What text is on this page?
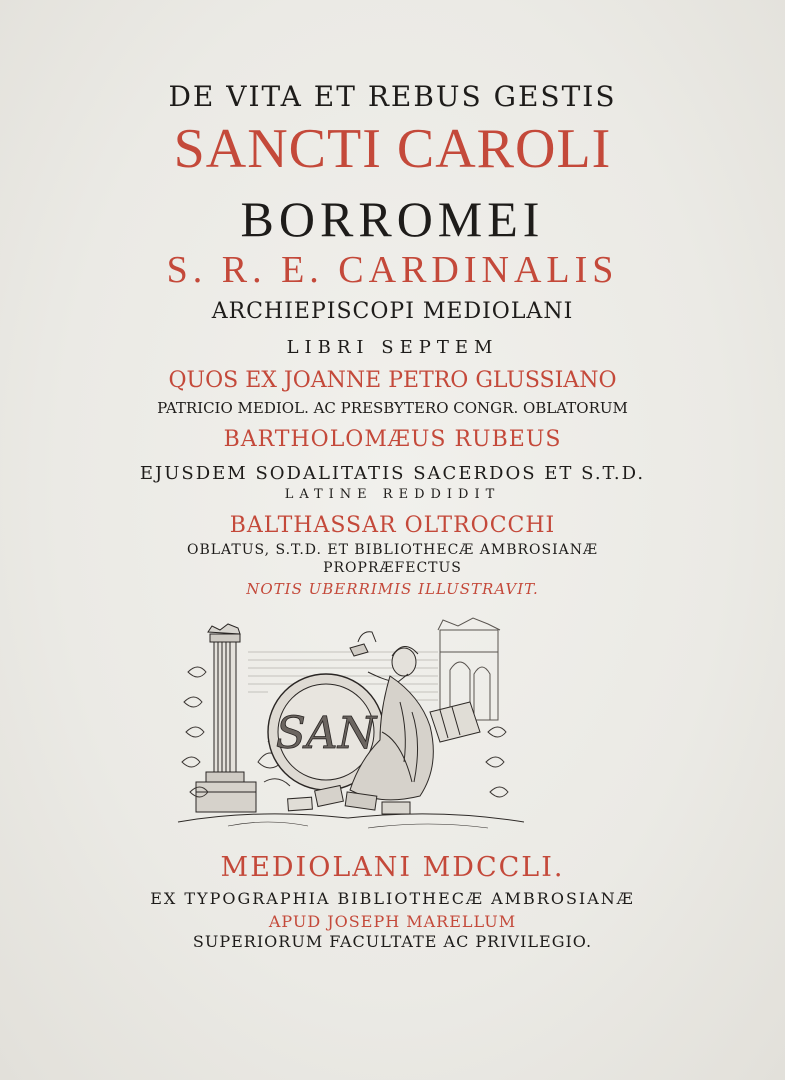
DE VITA ET REBUS GESTIS
SANCTI CAROLI
BORROMEI
S. R. E. CARDINALIS
ARCHIEPISCOPI MEDIOLANI
LIBRI SEPTEM
QUOS EX JOANNE PETRO GLUSSIANO
PATRICIO MEDIOL. AC PRESBYTERO CONGR. OBLATORUM
BARTHOLOMÆUS RUBEUS
EJUSDEM SODALITATIS SACERDOS ET S.T.D.
LATINE REDDIDIT
BALTHASSAR OLTROCCHI
OBLATUS, S.T.D. ET BIBLIOTHECÆ AMBROSIANÆ
PROPRÆFECTUS
NOTIS UBERRIMIS ILLUSTRAVIT.
SAN
MEDIOLANI MDCCLI.
EX TYPOGRAPHIA BIBLIOTHECÆ AMBROSIANÆ
APUD JOSEPH MARELLUM
SUPERIORUM FACULTATE AC PRIVILEGIO.
